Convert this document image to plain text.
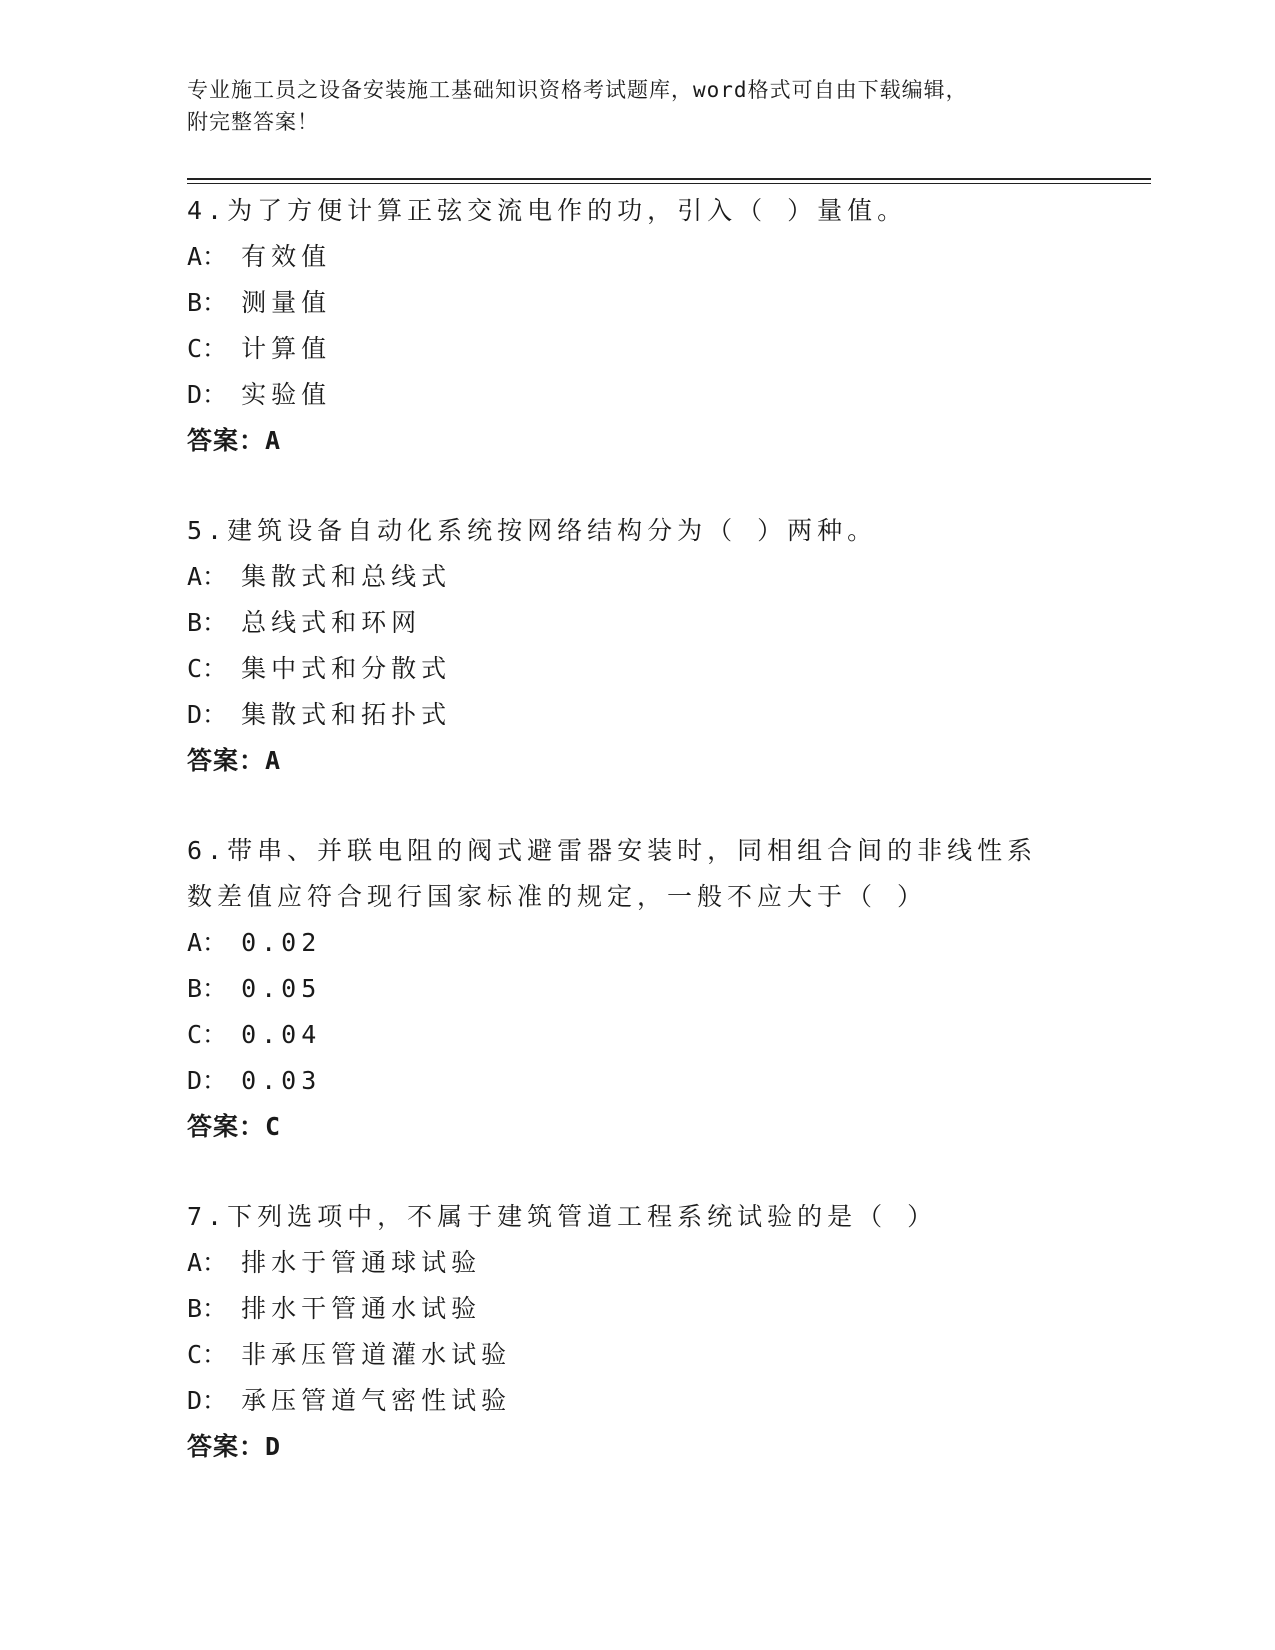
专业施工员之设备安装施工基础知识资格考试题库，word格式可自由下载编辑，
附完整答案！
4.为了方便计算正弦交流电作的功，引入（ ）量值。
A： 有效值
B： 测量值
C： 计算值
D： 实验值
答案：A
5.建筑设备自动化系统按网络结构分为（ ）两种。
A： 集散式和总线式
B： 总线式和环网
C： 集中式和分散式
D： 集散式和拓扑式
答案：A
6.带串、并联电阻的阀式避雷器安装时，同相组合间的非线性系数差值应符合现行国家标准的规定，一般不应大于（ ）
A： 0.02
B： 0.05
C： 0.04
D： 0.03
答案：C
7.下列选项中，不属于建筑管道工程系统试验的是（ ）
A： 排水于管通球试验
B： 排水干管通水试验
C： 非承压管道灌水试验
D： 承压管道气密性试验
答案：D
